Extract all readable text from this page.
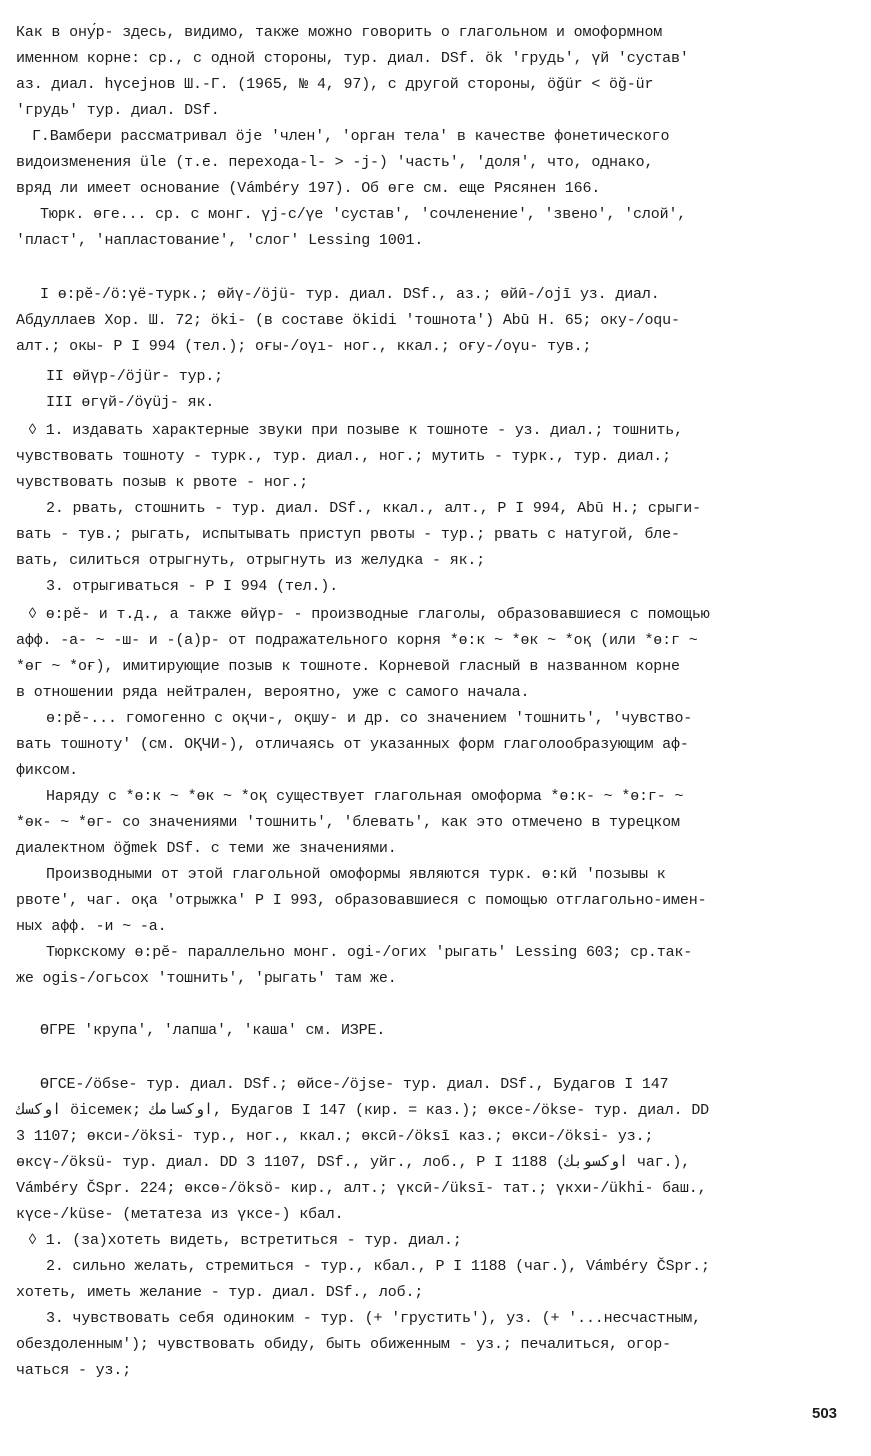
Как в ону́р- здесь, видимо, также можно говорить о глагольном и омоформном
именном корне: ср., с одной стороны, тур. диал. DSf. ök 'грудь', үй 'сустав'
аз. диал. hүсеjнов Ш.-Г. (1965, № 4, 97), с другой стороны, öğür < öğ-ür
'грудь' тур. диал. DSf.
Г.Вамбери рассматривал öje 'член', 'орган тела' в качестве фонетического
видоизменения üle (т.е. перехода-l- > -j-) 'часть', 'доля', что, однако,
вряд ли имеет основание (Vámbéry 197). Об өге см. еще Рясянен 166.
Тюрк. өге... ср. с монг. үј-с/үе 'сустав', 'сочленение', 'звено', 'слой',
'пласт', 'напластование', 'слог' Lessing 1001.
I ө:рӗ-/ö:γё-турк.; өйү-/öjü- тур. диал. DSf., аз.; өйӣ-/ojī уз. диал.
Абдуллаев Хор. Ш. 72; öki- (в составе ökidi 'тошнота') Abū H. 65; оку-/oqu-
алт.; окы- P I 994 (тел.); оғы-/oγı- ног., ккал.; оғу-/oγu- тув.;
II өйүр-/öjür- тур.;
III өгүй-/öγüj- як.
◊ 1. издавать характерные звуки при позыве к тошноте - уз. диал.; тошнить,
чувствовать тошноту - турк., тур. диал., ног.; мутить - турк., тур. диал.;
чувствовать позыв к рвоте - ног.;
2. рвать, стошнить - тур. диал. DSf., ккал., алт., P I 994, Abū H.; срыги-
вать - тув.; рыгать, испытывать приступ рвоты - тур.; рвать с натугой, бле-
вать, силиться отрыгнуть, отрыгнуть из желудка - як.;
3. отрыгиваться - P I 994 (тел.).
◊ ө:рӗ- и т.д., а также өйүр- - производные глаголы, образовавшиеся с помощью
афф. -а- ~ -ш- и -(а)р- от подражательного корня *ө:к ~ *өк ~ *оқ (или *ө:г ~
*өг ~ *оғ), имитирующие позыв к тошноте. Корневой гласный в названном корне
в отношении ряда нейтрален, вероятно, уже с самого начала.
ө:рӗ-... гомогенно с оқчи-, оқшу- и др. со значением 'тошнить', 'чувство-
вать тошноту' (см. ОҚЧИ-), отличаясь от указанных форм глаголообразующим аф-
фиксом.
Наряду с *ө:к ~ *өк ~ *оқ существует глагольная омоформа *ө:к- ~ *ө:г- ~
*өк- ~ *өг- со значениями 'тошнить', 'блевать', как это отмечено в турецком
диалектном öğmek DSf. с теми же значениями.
Производными от этой глагольной омоформы являются турк. ө:кй 'позывы к
рвоте', чаг. оқа 'отрыжка' P I 993, образовавшиеся с помощью отглагольно-имен-
ных афф. -и ~ -а.
Тюркскому ө:рӗ- параллельно монг. ogi-/огих 'рыгать' Lessing 603; ср.так-
же ogis-/огьсох 'тошнить', 'рыгать' там же.
ӨГРЕ 'крупа', 'лапша', 'каша' см. ИЗРЕ.
ӨГСЕ-/öбsе- тур. диал. DSf.; өйсе-/öjsе- тур. диал. DSf., Будагов I 147
اوكسك öiсемек; اوكسامك, Будагов I 147 (кир. = каз.); өксе-/öksе- тур. диал. DD
3 1107; өкси-/öksi- тур., ног., ккал.; өксӣ-/öksī каз.; өкси-/öksi- уз.;
өксү-/öksü- тур. диал. DD 3 1107, DSf., уйг., лоб., P I 1188 (اوكسوبك чаг.),
Vámbéry ČSpr. 224; өксө-/öksö- кир., алт.; үксӣ-/üksī- тат.; үкхи-/ükhi- баш.,
күсе-/küsе- (метатеза из үксе-) кбал.
◊ 1. (за)хотеть видеть, встретиться - тур. диал.;
2. сильно желать, стремиться - тур., кбал., P I 1188 (чаг.), Vámbéry ČSpr.;
хотеть, иметь желание - тур. диал. DSf., лоб.;
3. чувствовать себя одиноким - тур. (+ 'грустить'), уз. (+ '...несчастным,
обездоленным'); чувствовать обиду, быть обиженным - уз.; печалиться, огор-
чаться - уз.;
503
